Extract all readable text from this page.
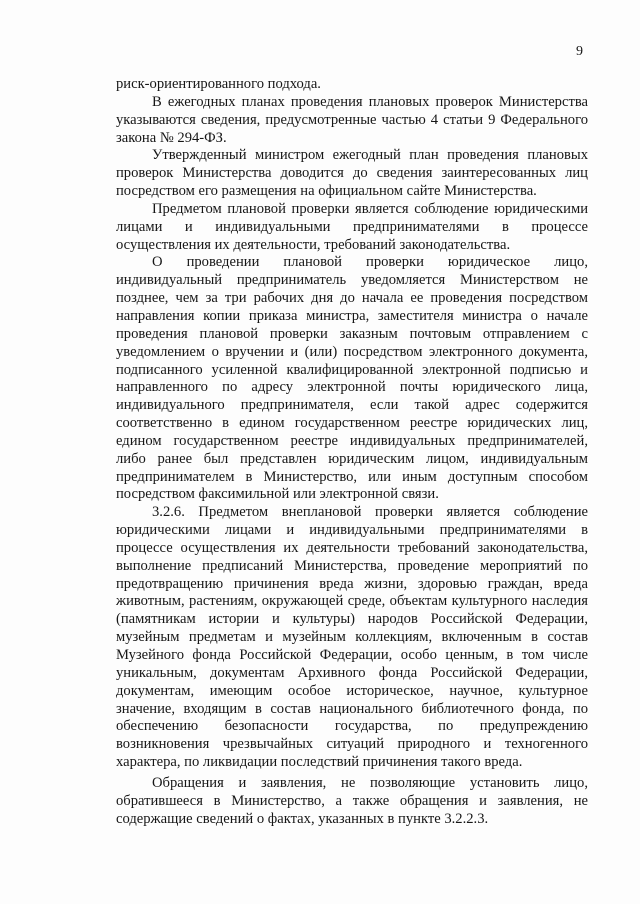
9

риск-ориентированного подхода.

В ежегодных планах проведения плановых проверок Министерства указываются сведения, предусмотренные частью 4 статьи 9 Федерального закона № 294-ФЗ.

Утвержденный министром ежегодный план проведения плановых проверок Министерства доводится до сведения заинтересованных лиц посредством его размещения на официальном сайте Министерства.

Предметом плановой проверки является соблюдение юридическими лицами и индивидуальными предпринимателями в процессе осуществления их деятельности, требований законодательства.

О проведении плановой проверки юридическое лицо, индивидуальный предприниматель уведомляется Министерством не позднее, чем за три рабочих дня до начала ее проведения посредством направления копии приказа министра, заместителя министра о начале проведения плановой проверки заказным почтовым отправлением с уведомлением о вручении и (или) посредством электронного документа, подписанного усиленной квалифицированной электронной подписью и направленного по адресу электронной почты юридического лица, индивидуального предпринимателя, если такой адрес содержится соответственно в едином государственном реестре юридических лиц, едином государственном реестре индивидуальных предпринимателей, либо ранее был представлен юридическим лицом, индивидуальным предпринимателем в Министерство, или иным доступным способом посредством факсимильной или электронной связи.

3.2.6. Предметом внеплановой проверки является соблюдение юридическими лицами и индивидуальными предпринимателями в процессе осуществления их деятельности требований законодательства, выполнение предписаний Министерства, проведение мероприятий по предотвращению причинения вреда жизни, здоровью граждан, вреда животным, растениям, окружающей среде, объектам культурного наследия (памятникам истории и культуры) народов Российской Федерации, музейным предметам и музейным коллекциям, включенным в состав Музейного фонда Российской Федерации, особо ценным, в том числе уникальным, документам Архивного фонда Российской Федерации, документам, имеющим особое историческое, научное, культурное значение, входящим в состав национального библиотечного фонда, по обеспечению безопасности государства, по предупреждению возникновения чрезвычайных ситуаций природного и техногенного характера, по ликвидации последствий причинения такого вреда.

Обращения и заявления, не позволяющие установить лицо, обратившееся в Министерство, а также обращения и заявления, не содержащие сведений о фактах, указанных в пункте 3.2.2.3.
